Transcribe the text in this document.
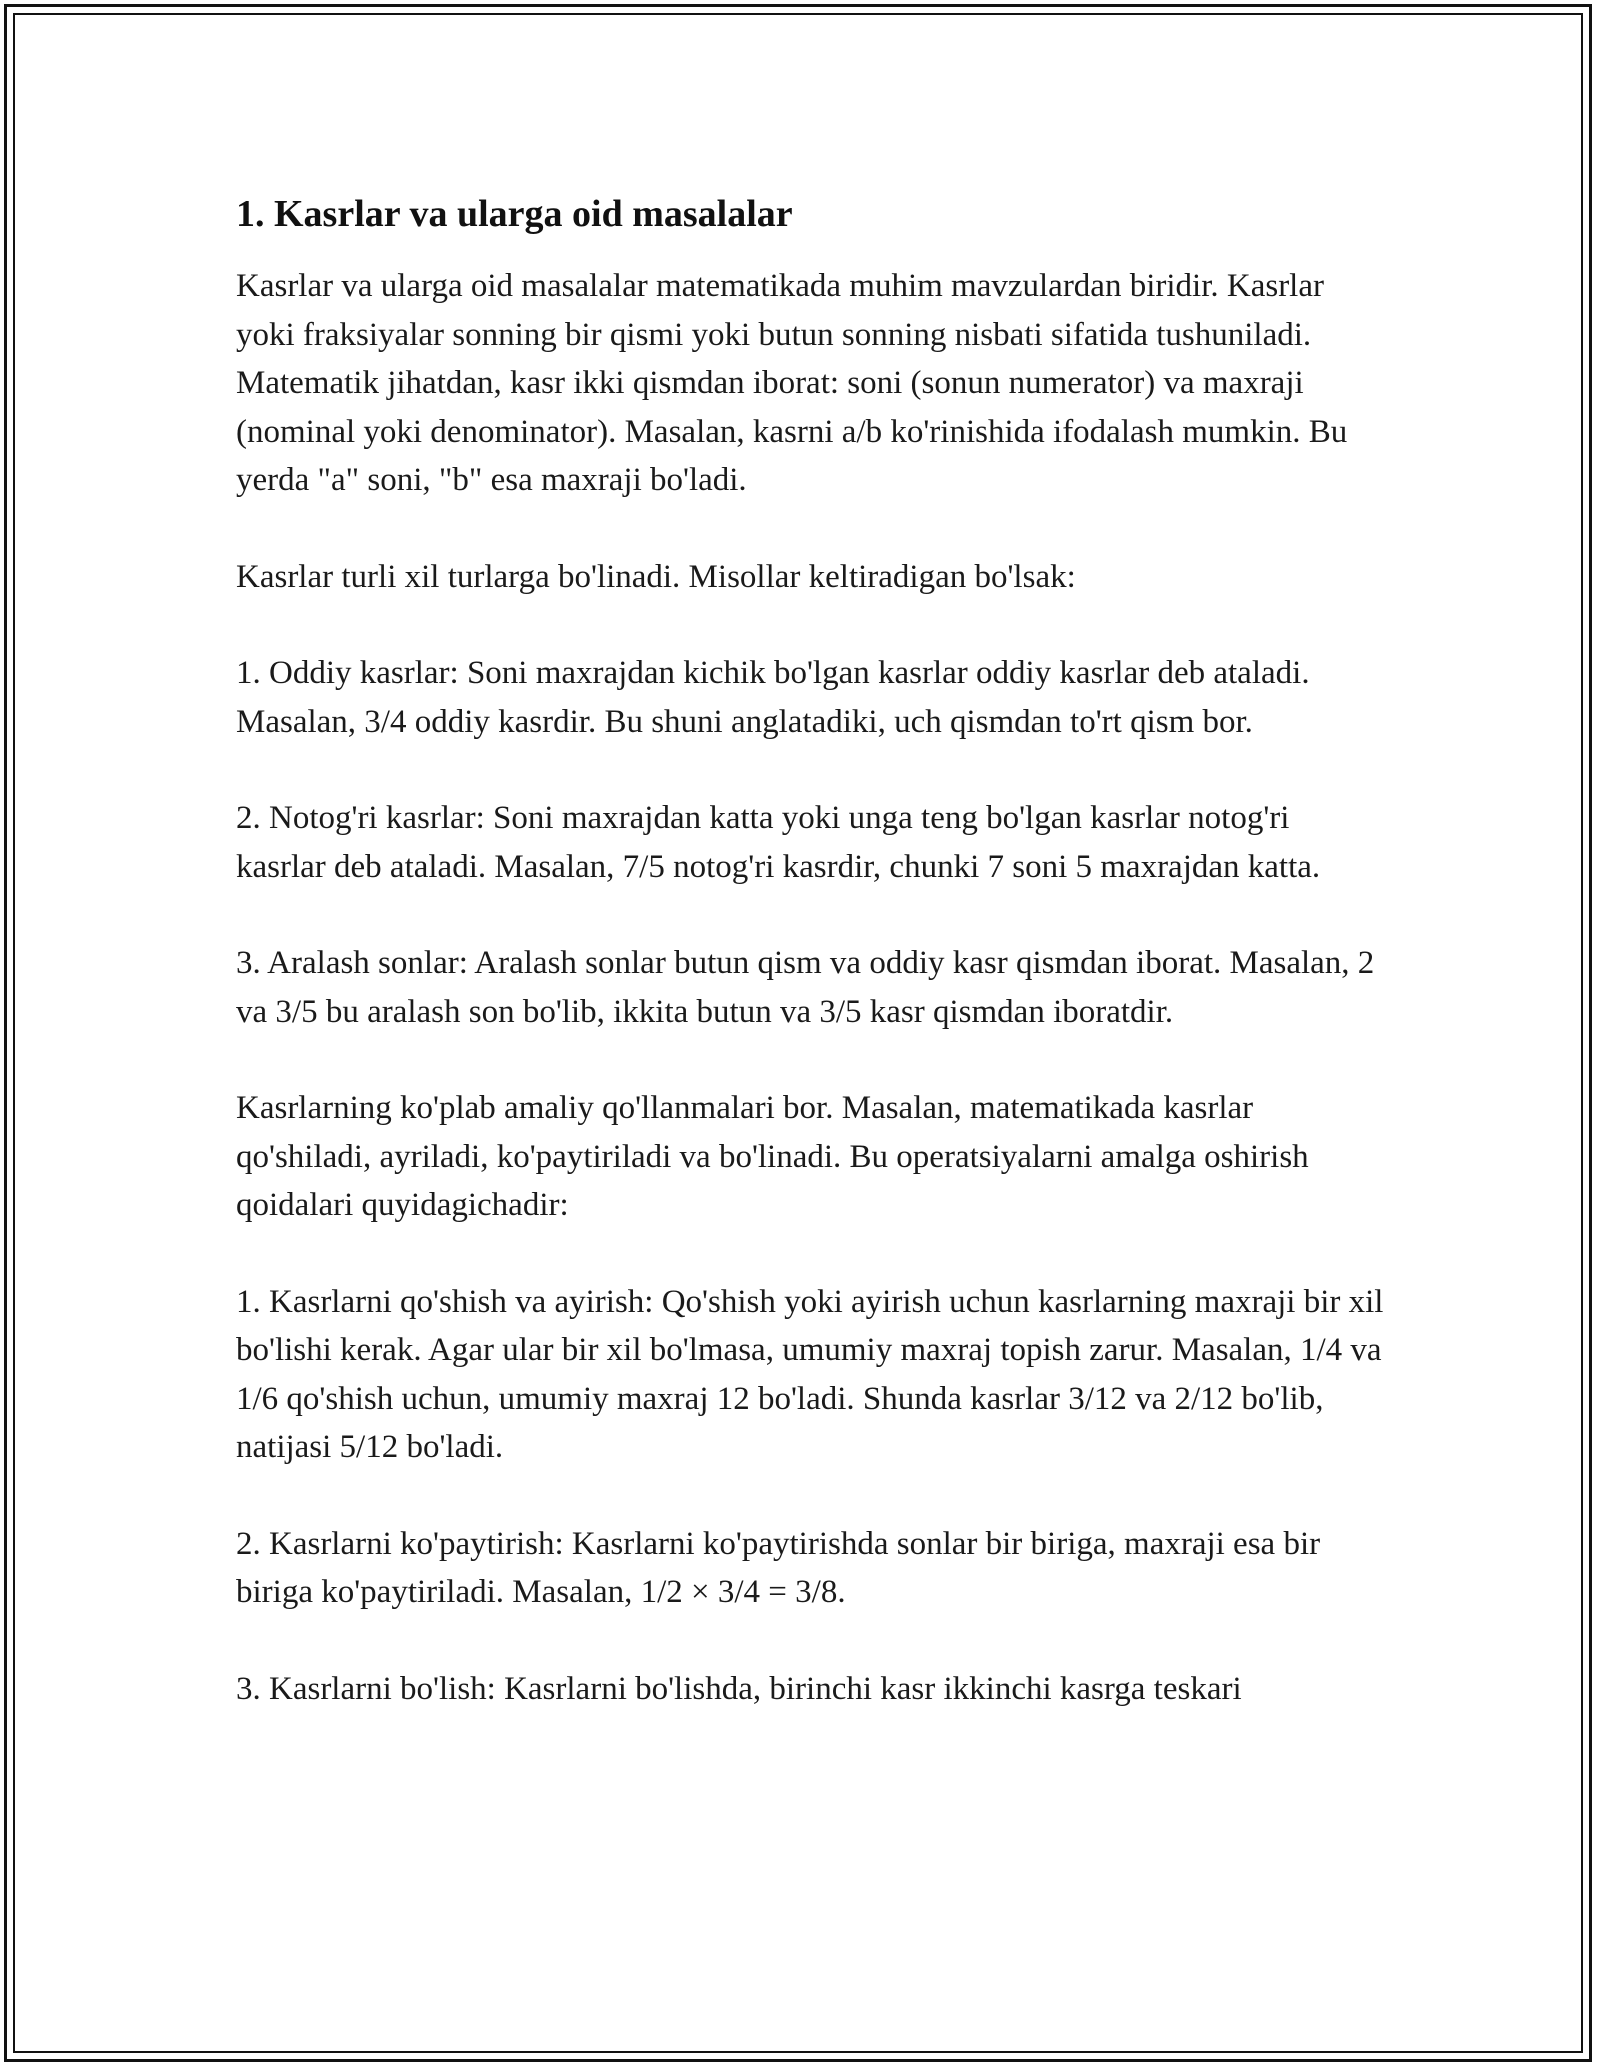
1. Kasrlar va ularga oid masalalar

Kasrlar va ularga oid masalalar matematikada muhim mavzulardan biridir. Kasrlar yoki fraksiyalar sonning bir qismi yoki butun sonning nisbati sifatida tushuniladi. Matematik jihatdan, kasr ikki qismdan iborat: soni (sonun numerator) va maxraji (nominal yoki denominator). Masalan, kasrni a/b ko'rinishida ifodalash mumkin. Bu yerda "a" soni, "b" esa maxraji bo'ladi.

Kasrlar turli xil turlarga bo'linadi. Misollar keltiradigan bo'lsak:

1. Oddiy kasrlar: Soni maxrajdan kichik bo'lgan kasrlar oddiy kasrlar deb ataladi. Masalan, 3/4 oddiy kasrdir. Bu shuni anglatadiki, uch qismdan to'rt qism bor.

2. Notog'ri kasrlar: Soni maxrajdan katta yoki unga teng bo'lgan kasrlar notog'ri kasrlar deb ataladi. Masalan, 7/5 notog'ri kasrdir, chunki 7 soni 5 maxrajdan katta.

3. Aralash sonlar: Aralash sonlar butun qism va oddiy kasr qismdan iborat. Masalan, 2 va 3/5 bu aralash son bo'lib, ikkita butun va 3/5 kasr qismdan iboratdir.

Kasrlarning ko'plab amaliy qo'llanmalari bor. Masalan, matematikada kasrlar qo'shiladi, ayriladi, ko'paytiriladi va bo'linadi. Bu operatsiyalarni amalga oshirish qoidalari quyidagichadir:

1. Kasrlarni qo'shish va ayirish: Qo'shish yoki ayirish uchun kasrlarning maxraji bir xil bo'lishi kerak. Agar ular bir xil bo'lmasa, umumiy maxraj topish zarur. Masalan, 1/4 va 1/6 qo'shish uchun, umumiy maxraj 12 bo'ladi. Shunda kasrlar 3/12 va 2/12 bo'lib, natijasi 5/12 bo'ladi.

2. Kasrlarni ko'paytirish: Kasrlarni ko'paytirishda sonlar bir biriga, maxraji esa bir biriga ko'paytiriladi. Masalan, 1/2 × 3/4 = 3/8.

3. Kasrlarni bo'lish: Kasrlarni bo'lishda, birinchi kasr ikkinchi kasrga teskari
